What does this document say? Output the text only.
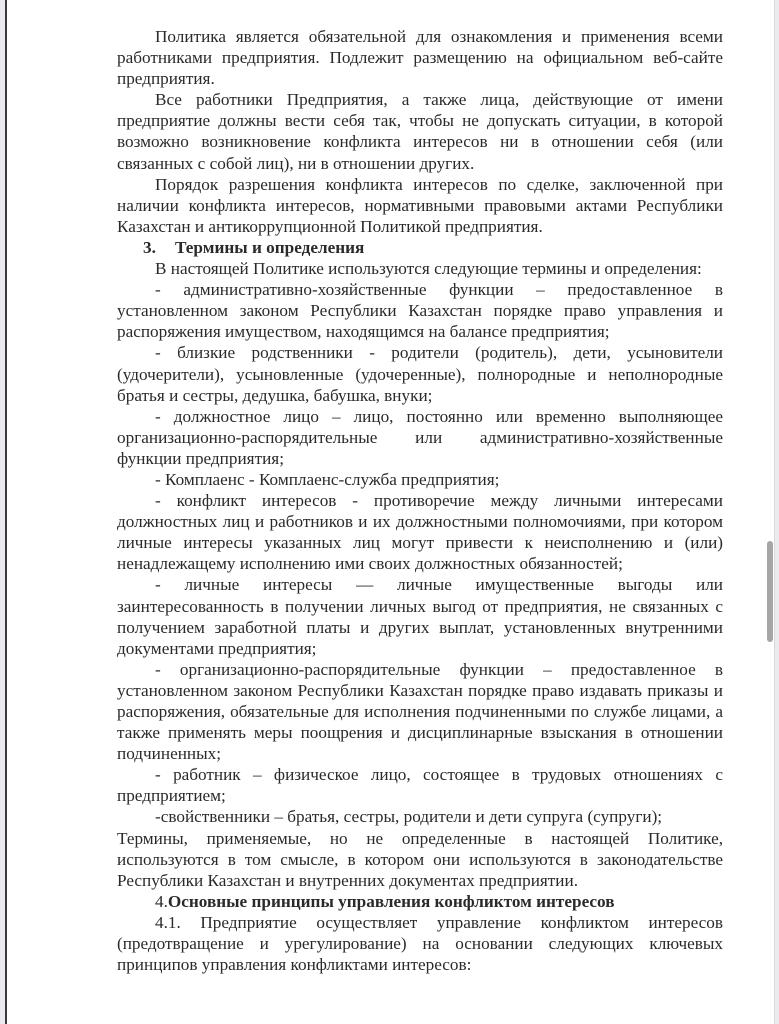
Политика является обязательной для ознакомления и применения всеми работниками предприятия. Подлежит размещению на официальном веб-сайте предприятия.

Все работники Предприятия, а также лица, действующие от имени предприятие должны вести себя так, чтобы не допускать ситуации, в которой возможно возникновение конфликта интересов ни в отношении себя (или связанных с собой лиц), ни в отношении других.

Порядок разрешения конфликта интересов по сделке, заключенной при наличии конфликта интересов, нормативными правовыми актами Республики Казахстан и антикоррупционной Политикой предприятия.

3. Термины и определения

В настоящей Политике используются следующие термины и определения:

- административно-хозяйственные функции – предоставленное в установленном законом Республики Казахстан порядке право управления и распоряжения имуществом, находящимся на балансе предприятия;

- близкие родственники - родители (родитель), дети, усыновители (удочерители), усыновленные (удочеренные), полнородные и неполнородные братья и сестры, дедушка, бабушка, внуки;

- должностное лицо – лицо, постоянно или временно выполняющее организационно-распорядительные или административно-хозяйственные функции предприятия;

- Комплаенс - Комплаенс-служба предприятия;

- конфликт интересов - противоречие между личными интересами должностных лиц и работников и их должностными полномочиями, при котором личные интересы указанных лиц могут привести к неисполнению и (или) ненадлежащему исполнению ими своих должностных обязанностей;

- личные интересы — личные имущественные выгоды или заинтересованность в получении личных выгод от предприятия, не связанных с получением заработной платы и других выплат, установленных внутренними документами предприятия;

- организационно-распорядительные функции – предоставленное в установленном законом Республики Казахстан порядке право издавать приказы и распоряжения, обязательные для исполнения подчиненными по службе лицами, а также применять меры поощрения и дисциплинарные взыскания в отношении подчиненных;

- работник – физическое лицо, состоящее в трудовых отношениях с предприятием;

-свойственники – братья, сестры, родители и дети супруга (супруги);

Термины, применяемые, но не определенные в настоящей Политике, используются в том смысле, в котором они используются в законодательстве Республики Казахстан и внутренних документах предприятии.

4.Основные принципы управления конфликтом интересов

4.1. Предприятие осуществляет управление конфликтом интересов (предотвращение и урегулирование) на основании следующих ключевых принципов управления конфликтами интересов:
